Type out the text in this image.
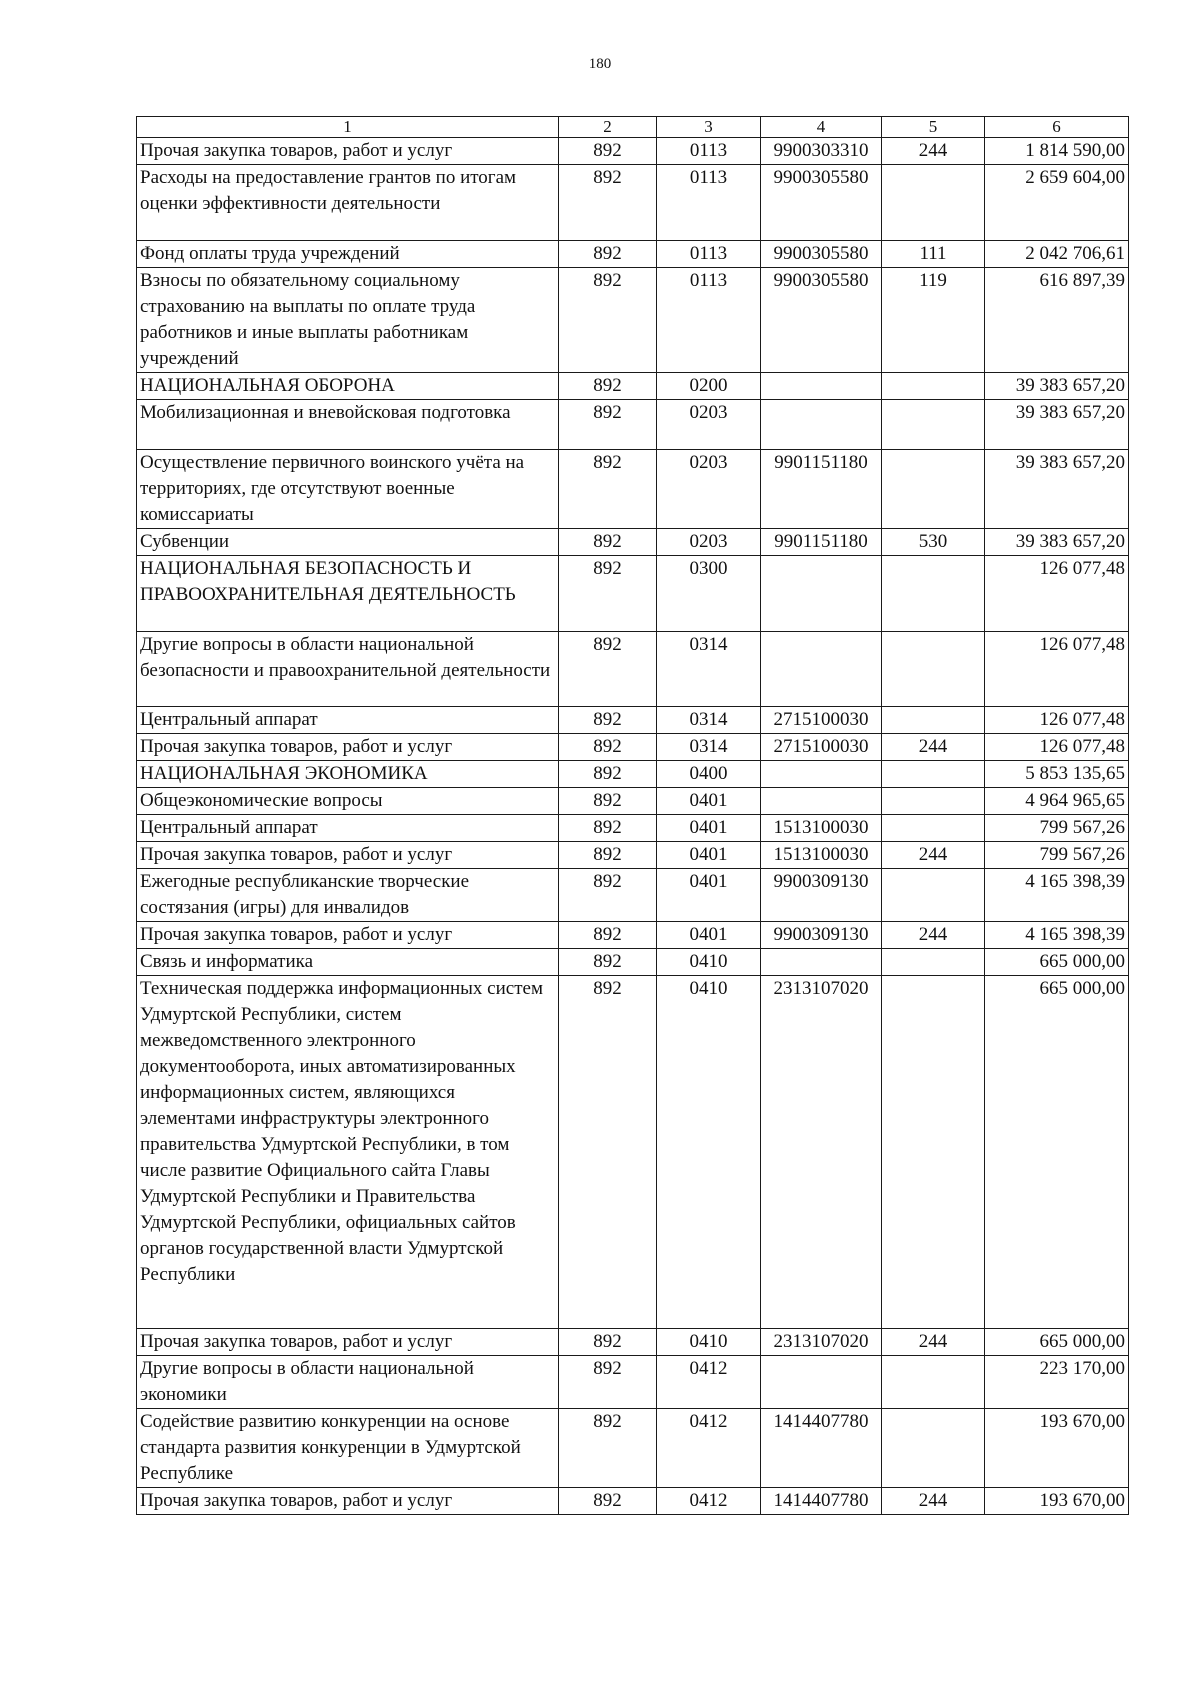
180
1	2	3	4	5	6
Прочая закупка товаров, работ и услуг	892	0113	9900303310	244	1 814 590,00
Расходы на предоставление грантов по итогам оценки эффективности деятельности	892	0113	9900305580		2 659 604,00
Фонд оплаты труда учреждений	892	0113	9900305580	111	2 042 706,61
Взносы по обязательному социальному страхованию на выплаты по оплате труда работников и иные выплаты работникам учреждений	892	0113	9900305580	119	616 897,39
НАЦИОНАЛЬНАЯ ОБОРОНА	892	0200			39 383 657,20
Мобилизационная и вневойсковая подготовка	892	0203			39 383 657,20
Осуществление первичного воинского учёта на территориях, где отсутствуют военные комиссариаты	892	0203	9901151180		39 383 657,20
Субвенции	892	0203	9901151180	530	39 383 657,20
НАЦИОНАЛЬНАЯ БЕЗОПАСНОСТЬ И ПРАВООХРАНИТЕЛЬНАЯ ДЕЯТЕЛЬНОСТЬ	892	0300			126 077,48
Другие вопросы в области национальной безопасности и правоохранительной деятельности	892	0314			126 077,48
Центральный аппарат	892	0314	2715100030		126 077,48
Прочая закупка товаров, работ и услуг	892	0314	2715100030	244	126 077,48
НАЦИОНАЛЬНАЯ ЭКОНОМИКА	892	0400			5 853 135,65
Общеэкономические вопросы	892	0401			4 964 965,65
Центральный аппарат	892	0401	1513100030		799 567,26
Прочая закупка товаров, работ и услуг	892	0401	1513100030	244	799 567,26
Ежегодные республиканские творческие состязания (игры) для инвалидов	892	0401	9900309130		4 165 398,39
Прочая закупка товаров, работ и услуг	892	0401	9900309130	244	4 165 398,39
Связь и информатика	892	0410			665 000,00
Техническая поддержка информационных систем Удмуртской Республики, систем межведомственного электронного документооборота, иных автоматизированных информационных систем, являющихся элементами инфраструктуры электронного правительства Удмуртской Республики, в том числе развитие Официального сайта Главы Удмуртской Республики и Правительства Удмуртской Республики, официальных сайтов органов государственной власти Удмуртской Республики	892	0410	2313107020		665 000,00
Прочая закупка товаров, работ и услуг	892	0410	2313107020	244	665 000,00
Другие вопросы в области национальной экономики	892	0412			223 170,00
Содействие развитию конкуренции на основе стандарта развития конкуренции в Удмуртской Республике	892	0412	1414407780		193 670,00
Прочая закупка товаров, работ и услуг	892	0412	1414407780	244	193 670,00
